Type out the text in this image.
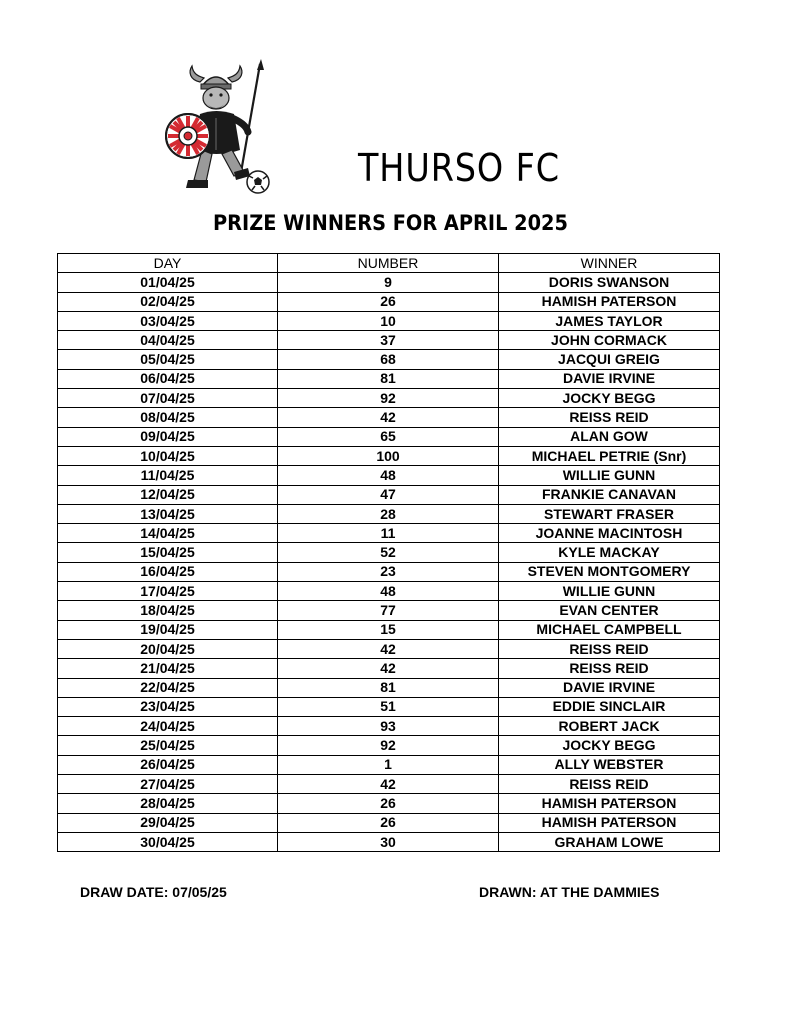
THURSO FC
PRIZE WINNERS FOR APRIL 2025
DAY	NUMBER	WINNER
01/04/25	9	DORIS SWANSON
02/04/25	26	HAMISH PATERSON
03/04/25	10	JAMES TAYLOR
04/04/25	37	JOHN CORMACK
05/04/25	68	JACQUI GREIG
06/04/25	81	DAVIE IRVINE
07/04/25	92	JOCKY BEGG
08/04/25	42	REISS REID
09/04/25	65	ALAN GOW
10/04/25	100	MICHAEL PETRIE (Snr)
11/04/25	48	WILLIE GUNN
12/04/25	47	FRANKIE CANAVAN
13/04/25	28	STEWART FRASER
14/04/25	11	JOANNE MACINTOSH
15/04/25	52	KYLE MACKAY
16/04/25	23	STEVEN MONTGOMERY
17/04/25	48	WILLIE GUNN
18/04/25	77	EVAN CENTER
19/04/25	15	MICHAEL CAMPBELL
20/04/25	42	REISS REID
21/04/25	42	REISS REID
22/04/25	81	DAVIE IRVINE
23/04/25	51	EDDIE SINCLAIR
24/04/25	93	ROBERT JACK
25/04/25	92	JOCKY BEGG
26/04/25	1	ALLY WEBSTER
27/04/25	42	REISS REID
28/04/25	26	HAMISH PATERSON
29/04/25	26	HAMISH PATERSON
30/04/25	30	GRAHAM LOWE
DRAW DATE: 07/05/25	DRAWN: AT THE DAMMIES
